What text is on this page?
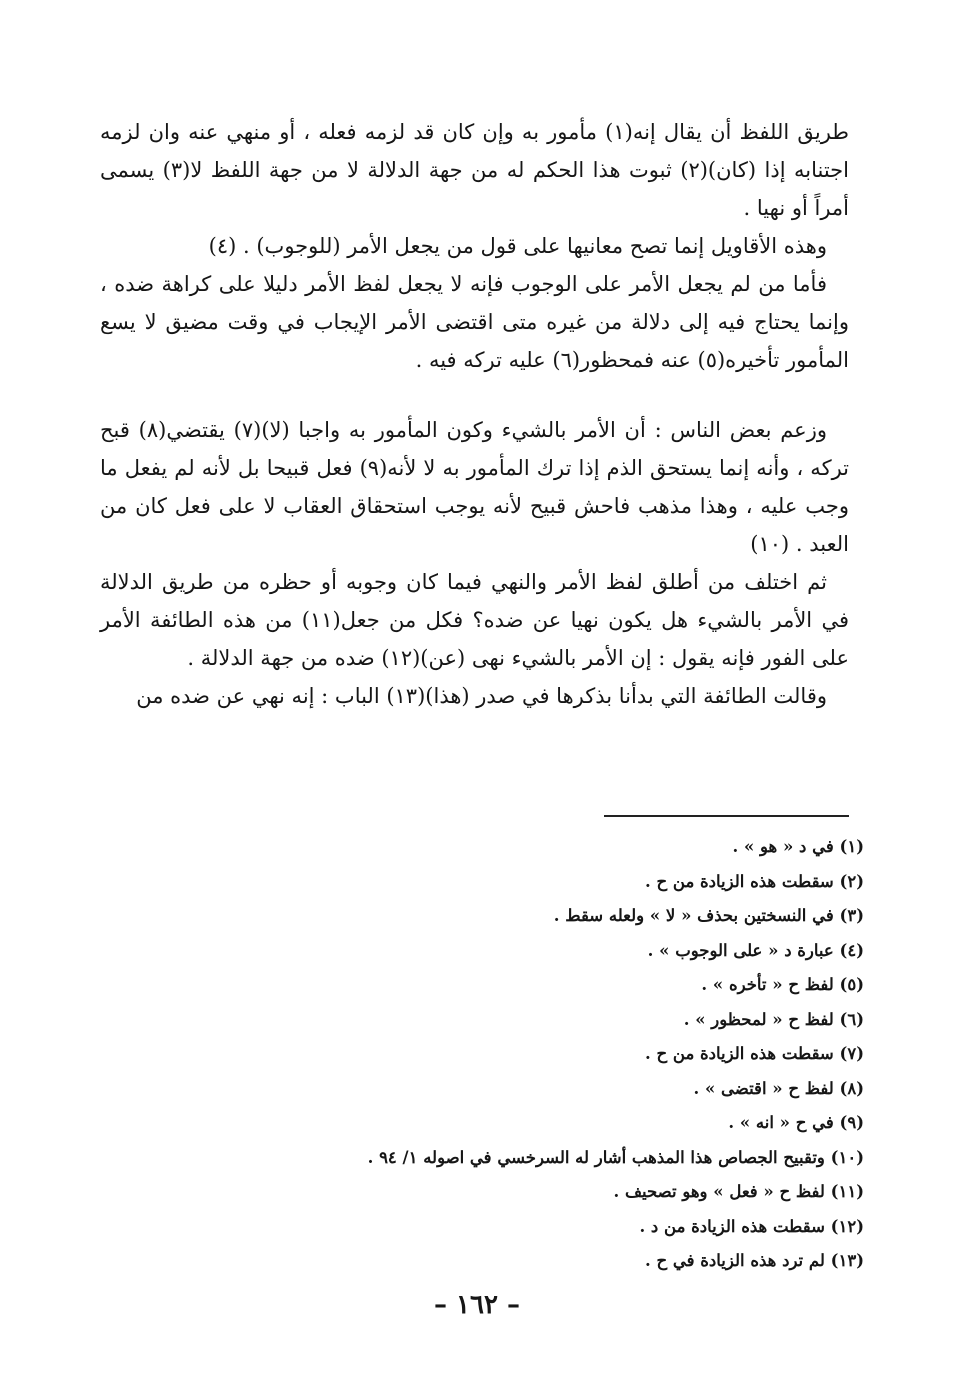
طريق اللفظ أن يقال إنه(١) مأمور به وإن كان قد لزمه فعله ، أو منهي عنه وان لزمه اجتنابه إذا (كان)(٢) ثبوت هذا الحكم له من جهة الدلالة لا من جهة اللفظ لا(٣) يسمى أمراً أو نهيا .

وهذه الأقاويل إنما تصح معانيها على قول من يجعل الأمر (للوجوب) . (٤)

فأما من لم يجعل الأمر على الوجوب فإنه لا يجعل لفظ الأمر دليلا على كراهة ضده ، وإنما يحتاج فيه إلى دلالة من غيره متى اقتضى الأمر الإيجاب في وقت مضيق لا يسع المأمور تأخيره(٥) عنه فمحظور(٦) عليه تركه فيه .

وزعم بعض الناس : أن الأمر بالشيء وكون المأمور به واجبا (لا)(٧) يقتضي(٨) قبح تركه ، وأنه إنما يستحق الذم إذا ترك المأمور به لا لأنه(٩) فعل قبيحا بل لأنه لم يفعل ما وجب عليه ، وهذا مذهب فاحش قبيح لأنه يوجب استحقاق العقاب لا على فعل كان من العبد . (١٠)

ثم اختلف من أطلق لفظ الأمر والنهي فيما كان وجوبه أو حظره من طريق الدلالة في الأمر بالشيء هل يكون نهيا عن ضده؟ فكل من جعل(١١) من هذه الطائفة الأمر على الفور فإنه يقول : إن الأمر بالشيء نهى (عن)(١٢) ضده من جهة الدلالة .

وقالت الطائفة التي بدأنا بذكرها في صدر (هذا)(١٣) الباب : إنه نهي عن ضده من

(١) في د « هو » .
(٢) سقطت هذه الزيادة من ح .
(٣) في النسختين بحذف « لا » ولعله سقط .
(٤) عبارة د « على الوجوب » .
(٥) لفظ ح « تأخره » .
(٦) لفظ ح « لمحظور » .
(٧) سقطت هذه الزيادة من ح .
(٨) لفظ ح « اقتضى » .
(٩) في ح « انه » .
(١٠) وتقبيح الجصاص هذا المذهب أشار له السرخسي في اصوله ١/ ٩٤ .
(١١) لفظ ح « فعل » وهو تصحيف .
(١٢) سقطت هذه الزيادة من د .
(١٣) لم ترد هذه الزيادة في ح .
– ١٦٢ –
